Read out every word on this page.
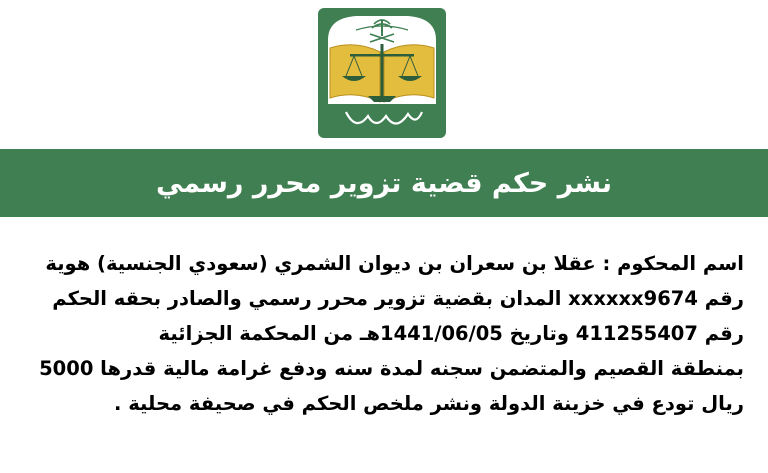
نشر حكم قضية تزوير محرر رسمي
اسم المحكوم : عقلا بن سعران بن ديوان الشمري (سعودي الجنسية) هوية
رقم xxxxxx9674 المدان بقضية تزوير محرر رسمي والصادر بحقه الحكم
رقم 411255407 وتاريخ 1441/06/05هـ من المحكمة الجزائية
بمنطقة القصيم والمتضمن سجنه لمدة سنه ودفع غرامة مالية قدرها 5000
ريال تودع في خزينة الدولة ونشر ملخص الحكم في صحيفة محلية .
